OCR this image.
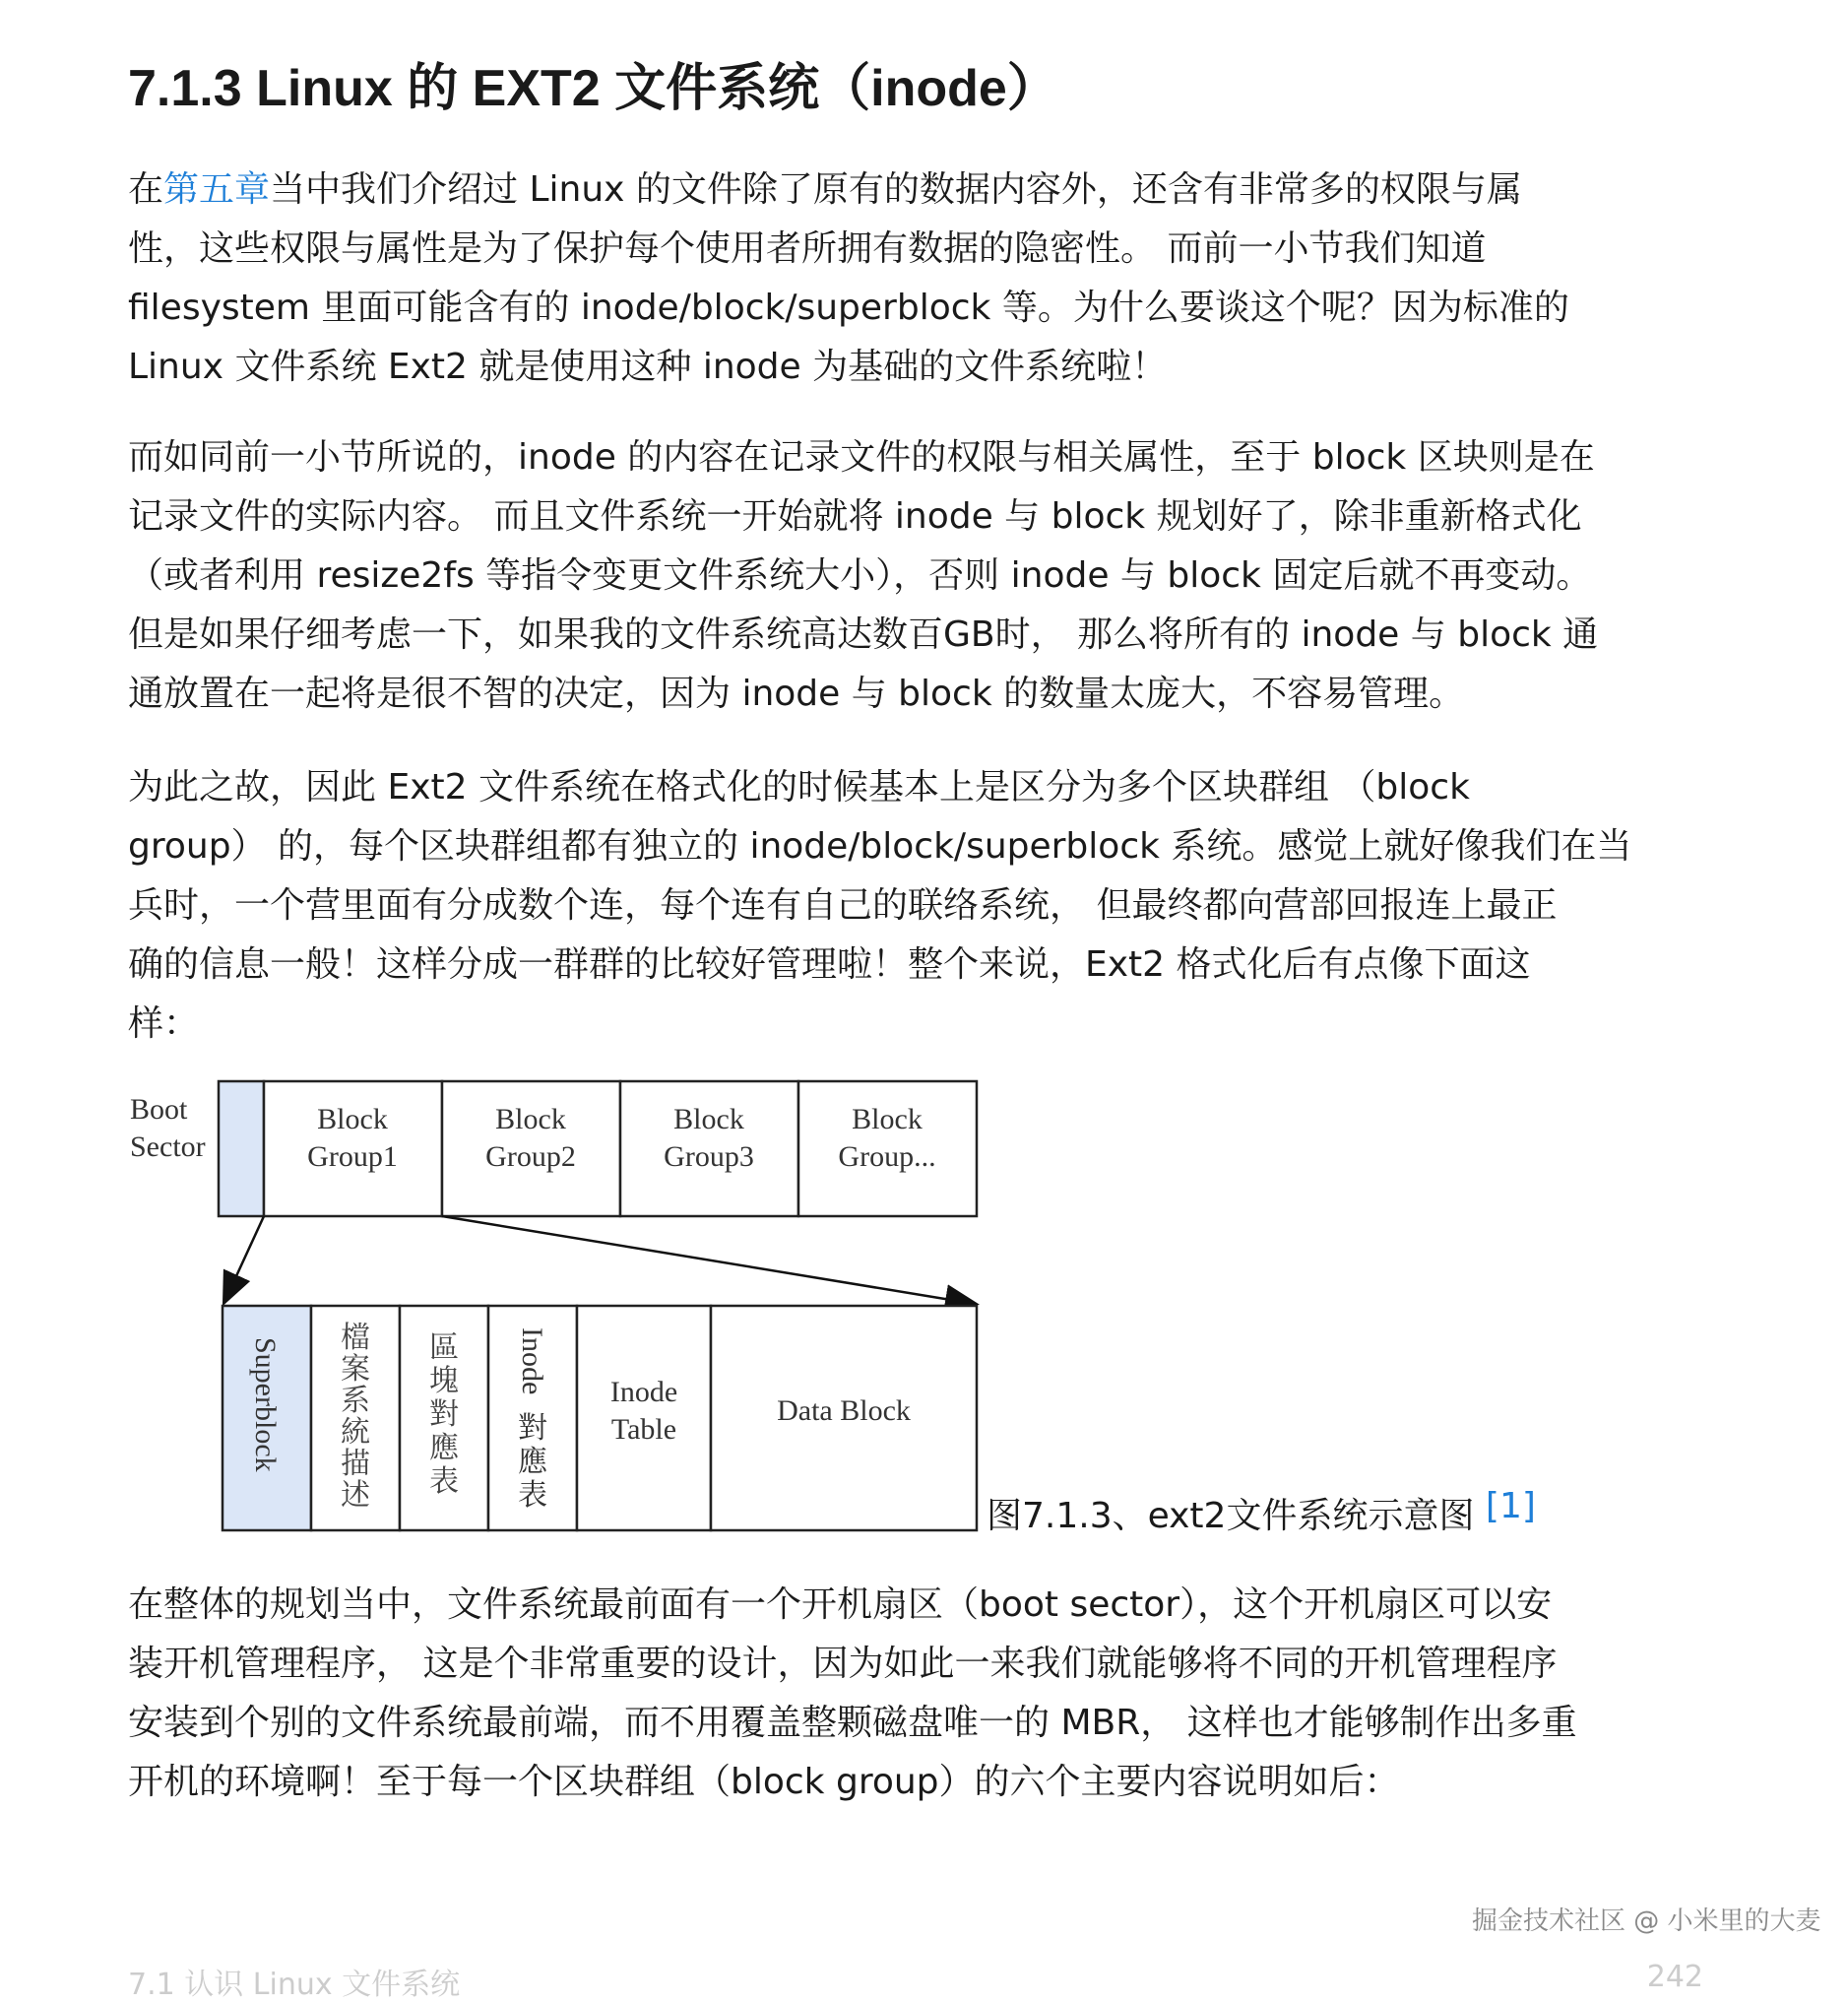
7.1.3 Linux 的 EXT2 文件系统（inode）

在第五章当中我们介绍过 Linux 的文件除了原有的数据内容外，还含有非常多的权限与属

性，这些权限与属性是为了保护每个使用者所拥有数据的隐密性。 而前一小节我们知道

filesystem 里面可能含有的 inode/block/superblock 等。为什么要谈这个呢？因为标准的

Linux 文件系统 Ext2 就是使用这种 inode 为基础的文件系统啦！

而如同前一小节所说的，inode 的内容在记录文件的权限与相关属性，至于 block 区块则是在

记录文件的实际内容。 而且文件系统一开始就将 inode 与 block 规划好了，除非重新格式化

（或者利用 resize2fs 等指令变更文件系统大小），否则 inode 与 block 固定后就不再变动。

但是如果仔细考虑一下，如果我的文件系统高达数百GB时， 那么将所有的 inode 与 block 通

通放置在一起将是很不智的决定，因为 inode 与 block 的数量太庞大，不容易管理。

为此之故，因此 Ext2 文件系统在格式化的时候基本上是区分为多个区块群组 （block

group） 的，每个区块群组都有独立的 inode/block/superblock 系统。感觉上就好像我们在当

兵时，一个营里面有分成数个连，每个连有自己的联络系统， 但最终都向营部回报连上最正

确的信息一般！这样分成一群群的比较好管理啦！整个来说，Ext2 格式化后有点像下面这

样：

Boot
Sector
Block
Group1
Block
Group2
Block
Group3
Block
Group...
Superblock 檔
案
系
統
描
述
區
塊
對
應
表
Inode
對
應
表
Inode
Table
Data Block
图7.1.3、ext2文件系统示意图 [1]

在整体的规划当中，文件系统最前面有一个开机扇区（boot sector），这个开机扇区可以安

装开机管理程序， 这是个非常重要的设计，因为如此一来我们就能够将不同的开机管理程序

安装到个别的文件系统最前端，而不用覆盖整颗磁盘唯一的 MBR， 这样也才能够制作出多重

开机的环境啊！至于每一个区块群组（block group）的六个主要内容说明如后：

掘金技术社区 @ 小米里的大麦
7.1 认识 Linux 文件系统	242
